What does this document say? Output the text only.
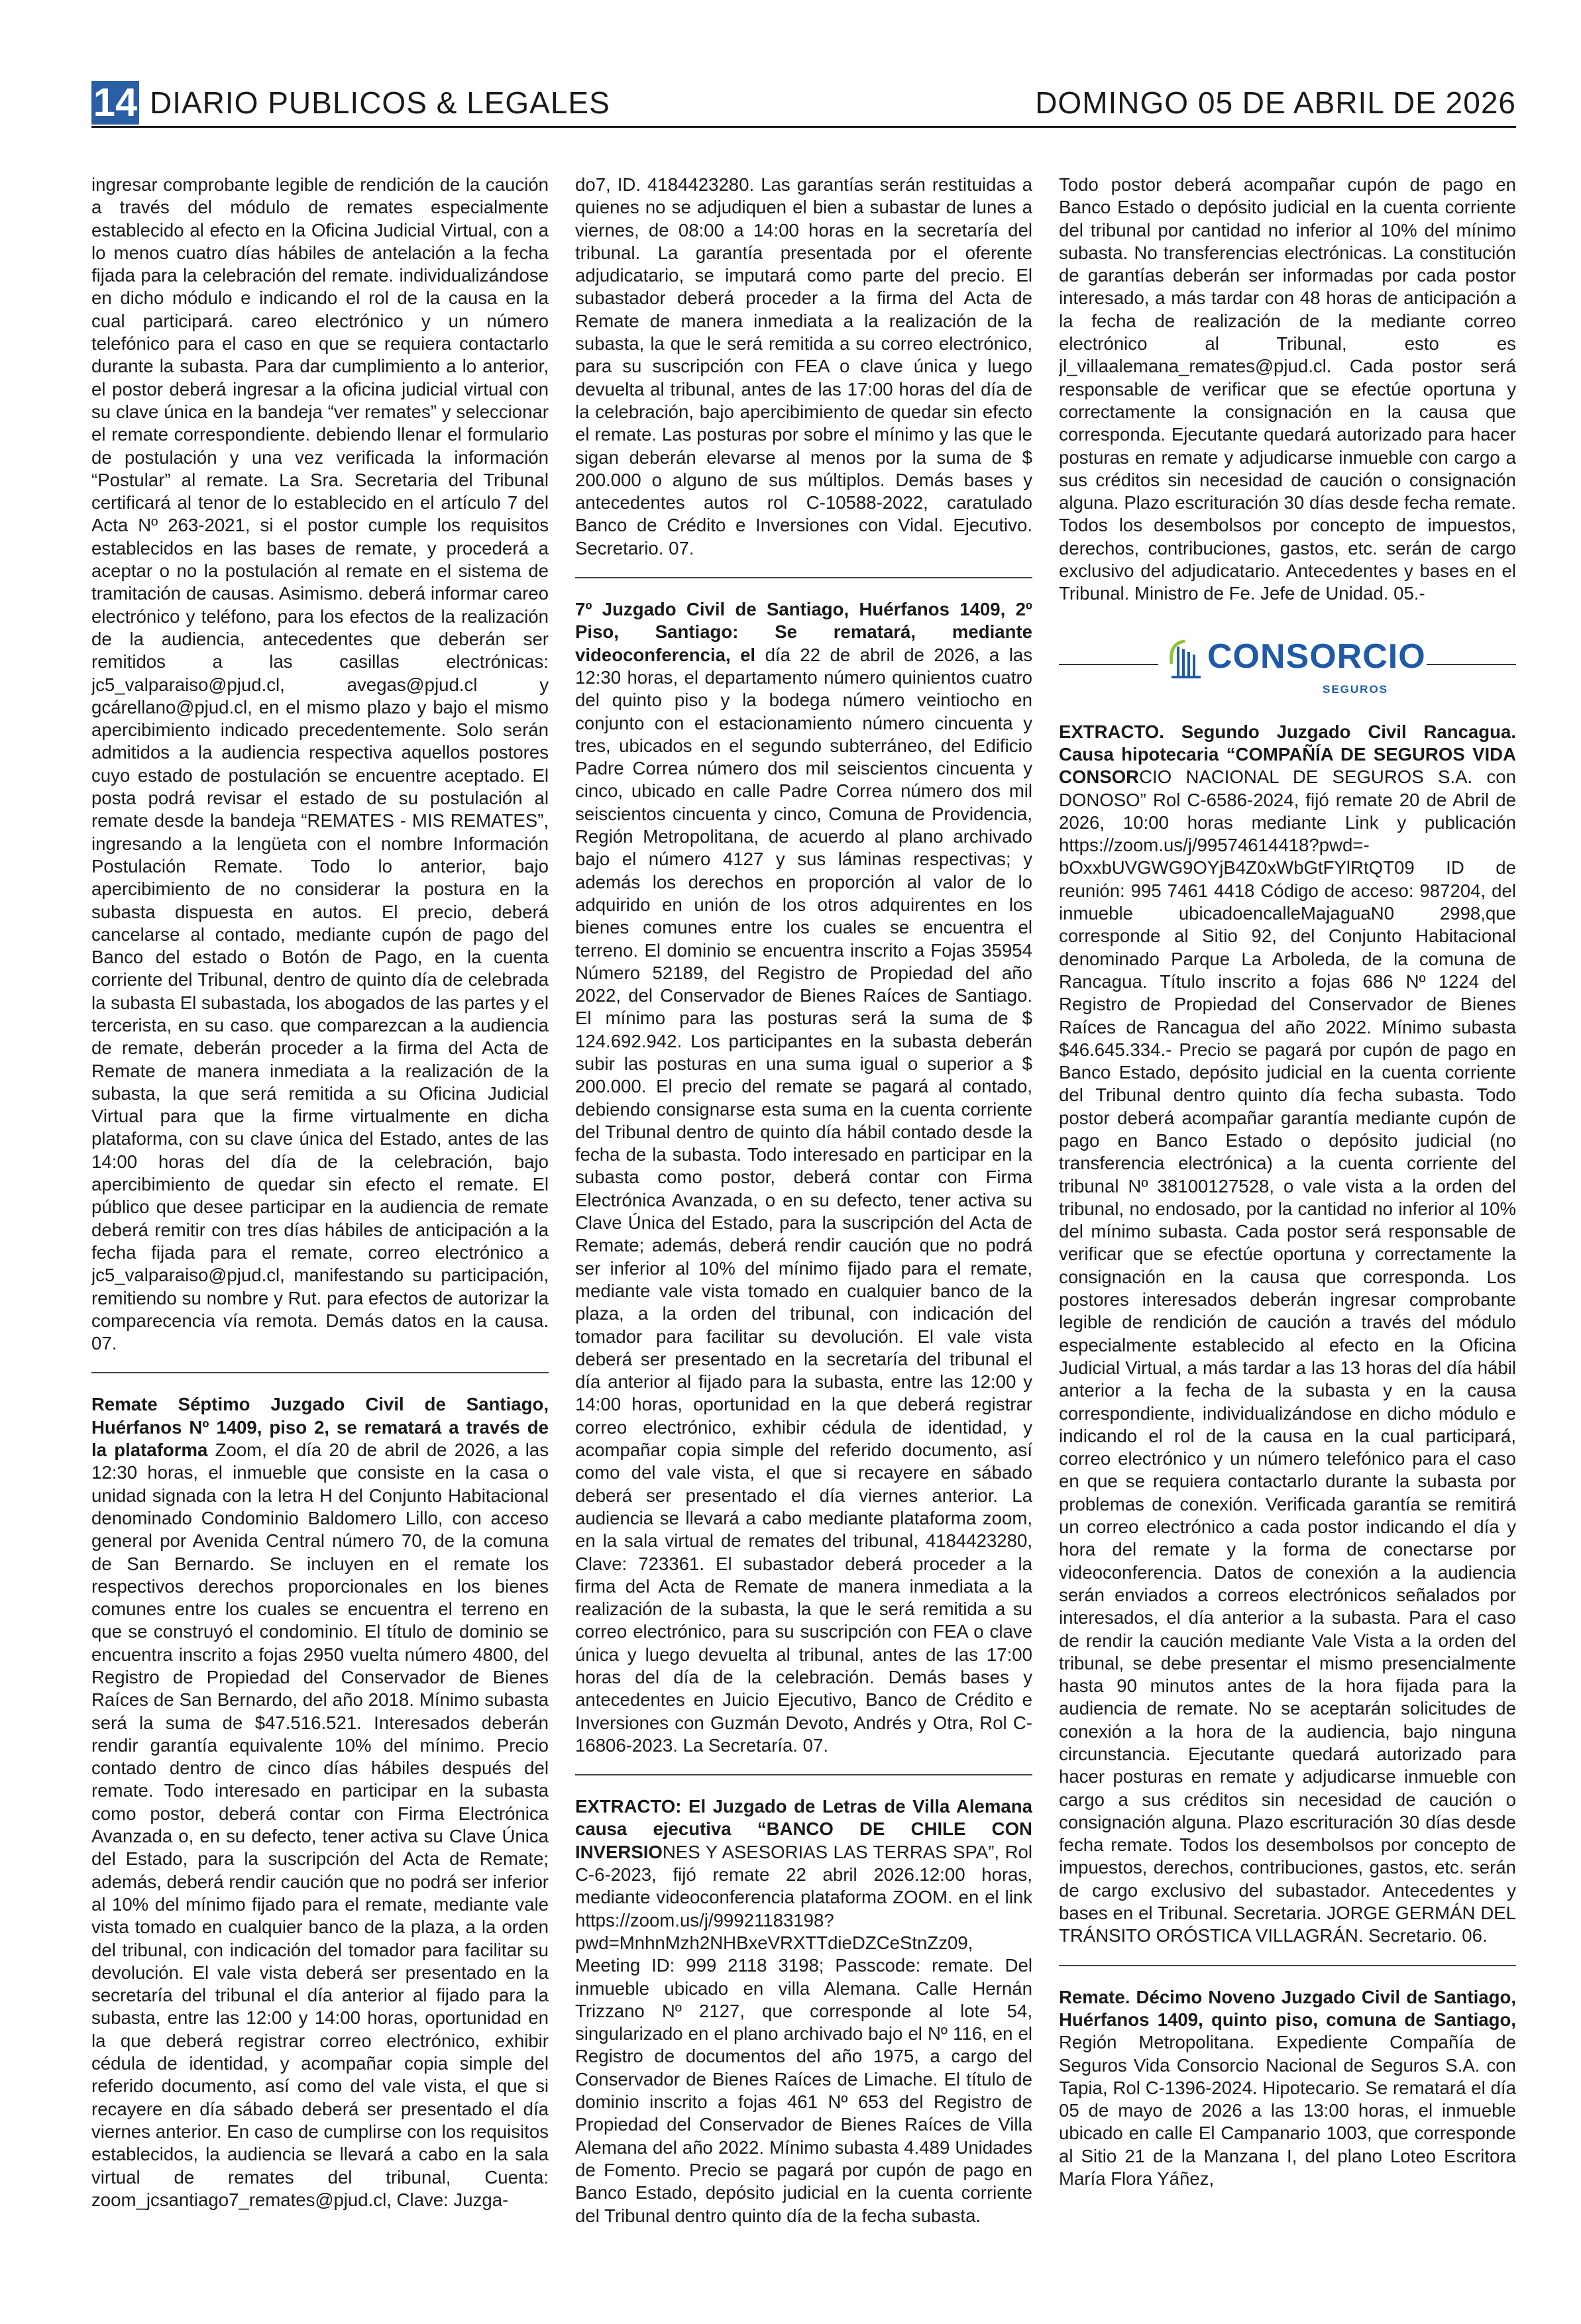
14 DIARIO PUBLICOS & LEGALES	DOMINGO 05 DE ABRIL DE 2026

ingresar comprobante legible de rendición de la caución a través del módulo de remates especialmente establecido al efecto en la Oficina Judicial Virtual, con a lo menos cuatro días hábiles de antelación a la fecha fijada para la celebración del remate. individualizándose en dicho módulo e indicando el rol de la causa en la cual participará. careo electrónico y un número telefónico para el caso en que se requiera contactarlo durante la subasta. Para dar cumplimiento a lo anterior, el postor deberá ingresar a la oficina judicial virtual con su clave única en la bandeja “ver remates” y seleccionar el remate correspondiente. debiendo llenar el formulario de postulación y una vez verificada la información “Postular” al remate. La Sra. Secretaria del Tribunal certificará al tenor de lo establecido en el artículo 7 del Acta Nº 263-2021, si el postor cumple los requisitos establecidos en las bases de remate, y procederá a aceptar o no la postulación al remate en el sistema de tramitación de causas. Asimismo. deberá informar careo electrónico y teléfono, para los efectos de la realización de la audiencia, antecedentes que deberán ser remitidos a las casillas electrónicas: jc5_valparaiso@pjud.cl, avegas@pjud.cl y gcárellano@pjud.cl, en el mismo plazo y bajo el mismo apercibimiento indicado precedentemente. Solo serán admitidos a la audiencia respectiva aquellos postores cuyo estado de postulación se encuentre aceptado. El posta podrá revisar el estado de su postulación al remate desde la bandeja “REMATES - MIS REMATES”, ingresando a la lengüeta con el nombre Información Postulación Remate. Todo lo anterior, bajo apercibimiento de no considerar la postura en la subasta dispuesta en autos. El precio, deberá cancelarse al contado, mediante cupón de pago del Banco del estado o Botón de Pago, en la cuenta corriente del Tribunal, dentro de quinto día de celebrada la subasta El subastada, los abogados de las partes y el tercerista, en su caso. que comparezcan a la audiencia de remate, deberán proceder a la firma del Acta de Remate de manera inmediata a la realización de la subasta, la que será remitida a su Oficina Judicial Virtual para que la firme virtualmente en dicha plataforma, con su clave única del Estado, antes de las 14:00 horas del día de la celebración, bajo apercibimiento de quedar sin efecto el remate. El público que desee participar en la audiencia de remate deberá remitir con tres días hábiles de anticipación a la fecha fijada para el remate, correo electrónico a jc5_valparaiso@pjud.cl, manifestando su participación, remitiendo su nombre y Rut. para efectos de autorizar la comparecencia vía remota. Demás datos en la causa. 07.

Remate Séptimo Juzgado Civil de Santiago, Huérfanos Nº 1409, piso 2, se rematará a través de la plataforma Zoom, el día 20 de abril de 2026, a las 12:30 horas, el inmueble que consiste en la casa o unidad signada con la letra H del Conjunto Habitacional denominado Condominio Baldomero Lillo, con acceso general por Avenida Central número 70, de la comuna de San Bernardo. Se incluyen en el remate los respectivos derechos proporcionales en los bienes comunes entre los cuales se encuentra el terreno en que se construyó el condominio. El título de dominio se encuentra inscrito a fojas 2950 vuelta número 4800, del Registro de Propiedad del Conservador de Bienes Raíces de San Bernardo, del año 2018. Mínimo subasta será la suma de $47.516.521. Interesados deberán rendir garantía equivalente 10% del mínimo. Precio contado dentro de cinco días hábiles después del remate. Todo interesado en participar en la subasta como postor, deberá contar con Firma Electrónica Avanzada o, en su defecto, tener activa su Clave Única del Estado, para la suscripción del Acta de Remate; además, deberá rendir caución que no podrá ser inferior al 10% del mínimo fijado para el remate, mediante vale vista tomado en cualquier banco de la plaza, a la orden del tribunal, con indicación del tomador para facilitar su devolución. El vale vista deberá ser presentado en la secretaría del tribunal el día anterior al fijado para la subasta, entre las 12:00 y 14:00 horas, oportunidad en la que deberá registrar correo electrónico, exhibir cédula de identidad, y acompañar copia simple del referido documento, así como del vale vista, el que si recayere en día sábado deberá ser presentado el día viernes anterior. En caso de cumplirse con los requisitos establecidos, la audiencia se llevará a cabo en la sala virtual de remates del tribunal, Cuenta: zoom_jcsantiago7_remates@pjud.cl, Clave: Juzga-

do7, ID. 4184423280. Las garantías serán restituidas a quienes no se adjudiquen el bien a subastar de lunes a viernes, de 08:00 a 14:00 horas en la secretaría del tribunal. La garantía presentada por el oferente adjudicatario, se imputará como parte del precio. El subastador deberá proceder a la firma del Acta de Remate de manera inmediata a la realización de la subasta, la que le será remitida a su correo electrónico, para su suscripción con FEA o clave única y luego devuelta al tribunal, antes de las 17:00 horas del día de la celebración, bajo apercibimiento de quedar sin efecto el remate. Las posturas por sobre el mínimo y las que le sigan deberán elevarse al menos por la suma de $ 200.000 o alguno de sus múltiplos. Demás bases y antecedentes autos rol C-10588-2022, caratulado Banco de Crédito e Inversiones con Vidal. Ejecutivo. Secretario. 07.

7º Juzgado Civil de Santiago, Huérfanos 1409, 2º Piso, Santiago: Se rematará, mediante videoconferencia, el día 22 de abril de 2026, a las 12:30 horas, el departamento número quinientos cuatro del quinto piso y la bodega número veintiocho en conjunto con el estacionamiento número cincuenta y tres, ubicados en el segundo subterráneo, del Edificio Padre Correa número dos mil seiscientos cincuenta y cinco, ubicado en calle Padre Correa número dos mil seiscientos cincuenta y cinco, Comuna de Providencia, Región Metropolitana, de acuerdo al plano archivado bajo el número 4127 y sus láminas respectivas; y además los derechos en proporción al valor de lo adquirido en unión de los otros adquirentes en los bienes comunes entre los cuales se encuentra el terreno. El dominio se encuentra inscrito a Fojas 35954 Número 52189, del Registro de Propiedad del año 2022, del Conservador de Bienes Raíces de Santiago. El mínimo para las posturas será la suma de $ 124.692.942. Los participantes en la subasta deberán subir las posturas en una suma igual o superior a $ 200.000. El precio del remate se pagará al contado, debiendo consignarse esta suma en la cuenta corriente del Tribunal dentro de quinto día hábil contado desde la fecha de la subasta. Todo interesado en participar en la subasta como postor, deberá contar con Firma Electrónica Avanzada, o en su defecto, tener activa su Clave Única del Estado, para la suscripción del Acta de Remate; además, deberá rendir caución que no podrá ser inferior al 10% del mínimo fijado para el remate, mediante vale vista tomado en cualquier banco de la plaza, a la orden del tribunal, con indicación del tomador para facilitar su devolución. El vale vista deberá ser presentado en la secretaría del tribunal el día anterior al fijado para la subasta, entre las 12:00 y 14:00 horas, oportunidad en la que deberá registrar correo electrónico, exhibir cédula de identidad, y acompañar copia simple del referido documento, así como del vale vista, el que si recayere en sábado deberá ser presentado el día viernes anterior. La audiencia se llevará a cabo mediante plataforma zoom, en la sala virtual de remates del tribunal, 4184423280, Clave: 723361. El subastador deberá proceder a la firma del Acta de Remate de manera inmediata a la realización de la subasta, la que le será remitida a su correo electrónico, para su suscripción con FEA o clave única y luego devuelta al tribunal, antes de las 17:00 horas del día de la celebración. Demás bases y antecedentes en Juicio Ejecutivo, Banco de Crédito e Inversiones con Guzmán Devoto, Andrés y Otra, Rol C-16806-2023. La Secretaría. 07.

EXTRACTO: El Juzgado de Letras de Villa Alemana causa ejecutiva “BANCO DE CHILE CON INVERSIONES Y ASESORIAS LAS TERRAS SPA”, Rol C-6-2023, fijó remate 22 abril 2026.12:00 horas, mediante videoconferencia plataforma ZOOM. en el link https://zoom.us/j/99921183198?pwd=MnhnMzh2NHBxeVRXTTdieDZCeStnZz09, Meeting ID: 999 2118 3198; Passcode: remate. Del inmueble ubicado en villa Alemana. Calle Hernán Trizzano Nº 2127, que corresponde al lote 54, singularizado en el plano archivado bajo el Nº 116, en el Registro de documentos del año 1975, a cargo del Conservador de Bienes Raíces de Limache. El título de dominio inscrito a fojas 461 Nº 653 del Registro de Propiedad del Conservador de Bienes Raíces de Villa Alemana del año 2022. Mínimo subasta 4.489 Unidades de Fomento. Precio se pagará por cupón de pago en Banco Estado, depósito judicial en la cuenta corriente del Tribunal dentro quinto día de la fecha subasta.

Todo postor deberá acompañar cupón de pago en Banco Estado o depósito judicial en la cuenta corriente del tribunal por cantidad no inferior al 10% del mínimo subasta. No transferencias electrónicas. La constitución de garantías deberán ser informadas por cada postor interesado, a más tardar con 48 horas de anticipación a la fecha de realización de la mediante correo electrónico al Tribunal, esto es jl_villaalemana_remates@pjud.cl. Cada postor será responsable de verificar que se efectúe oportuna y correctamente la consignación en la causa que corresponda. Ejecutante quedará autorizado para hacer posturas en remate y adjudicarse inmueble con cargo a sus créditos sin necesidad de caución o consignación alguna. Plazo escrituración 30 días desde fecha remate. Todos los desembolsos por concepto de impuestos, derechos, contribuciones, gastos, etc. serán de cargo exclusivo del adjudicatario. Antecedentes y bases en el Tribunal. Ministro de Fe. Jefe de Unidad. 05.-

CONSORCIO
SEGUROS

EXTRACTO. Segundo Juzgado Civil Rancagua. Causa hipotecaria “COMPAÑÍA DE SEGUROS VIDA CONSORCIO NACIONAL DE SEGUROS S.A. con DONOSO” Rol C-6586-2024, fijó remate 20 de Abril de 2026, 10:00 horas mediante Link y publicación https://zoom.us/j/99574614418?pwd=-bOxxbUVGWG9OYjB4Z0xWbGtFYlRtQT09 ID de reunión: 995 7461 4418 Código de acceso: 987204, del inmueble ubicadoencalleMajaguaN0 2998,que corresponde al Sitio 92, del Conjunto Habitacional denominado Parque La Arboleda, de la comuna de Rancagua. Título inscrito a fojas 686 Nº 1224 del Registro de Propiedad del Conservador de Bienes Raíces de Rancagua del año 2022. Mínimo subasta $46.645.334.- Precio se pagará por cupón de pago en Banco Estado, depósito judicial en la cuenta corriente del Tribunal dentro quinto día fecha subasta. Todo postor deberá acompañar garantía mediante cupón de pago en Banco Estado o depósito judicial (no transferencia electrónica) a la cuenta corriente del tribunal Nº 38100127528, o vale vista a la orden del tribunal, no endosado, por la cantidad no inferior al 10% del mínimo subasta. Cada postor será responsable de verificar que se efectúe oportuna y correctamente la consignación en la causa que corresponda. Los postores interesados deberán ingresar comprobante legible de rendición de caución a través del módulo especialmente establecido al efecto en la Oficina Judicial Virtual, a más tardar a las 13 horas del día hábil anterior a la fecha de la subasta y en la causa correspondiente, individualizándose en dicho módulo e indicando el rol de la causa en la cual participará, correo electrónico y un número telefónico para el caso en que se requiera contactarlo durante la subasta por problemas de conexión. Verificada garantía se remitirá un correo electrónico a cada postor indicando el día y hora del remate y la forma de conectarse por videoconferencia. Datos de conexión a la audiencia serán enviados a correos electrónicos señalados por interesados, el día anterior a la subasta. Para el caso de rendir la caución mediante Vale Vista a la orden del tribunal, se debe presentar el mismo presencialmente hasta 90 minutos antes de la hora fijada para la audiencia de remate. No se aceptarán solicitudes de conexión a la hora de la audiencia, bajo ninguna circunstancia. Ejecutante quedará autorizado para hacer posturas en remate y adjudicarse inmueble con cargo a sus créditos sin necesidad de caución o consignación alguna. Plazo escrituración 30 días desde fecha remate. Todos los desembolsos por concepto de impuestos, derechos, contribuciones, gastos, etc. serán de cargo exclusivo del subastador. Antecedentes y bases en el Tribunal. Secretaria. JORGE GERMÁN DEL TRÁNSITO ORÓSTICA VILLAGRÁN. Secretario. 06.

Remate. Décimo Noveno Juzgado Civil de Santiago, Huérfanos 1409, quinto piso, comuna de Santiago, Región Metropolitana. Expediente Compañía de Seguros Vida Consorcio Nacional de Seguros S.A. con Tapia, Rol C-1396-2024. Hipotecario. Se rematará el día 05 de mayo de 2026 a las 13:00 horas, el inmueble ubicado en calle El Campanario 1003, que corresponde al Sitio 21 de la Manzana I, del plano Loteo Escritora María Flora Yáñez,
